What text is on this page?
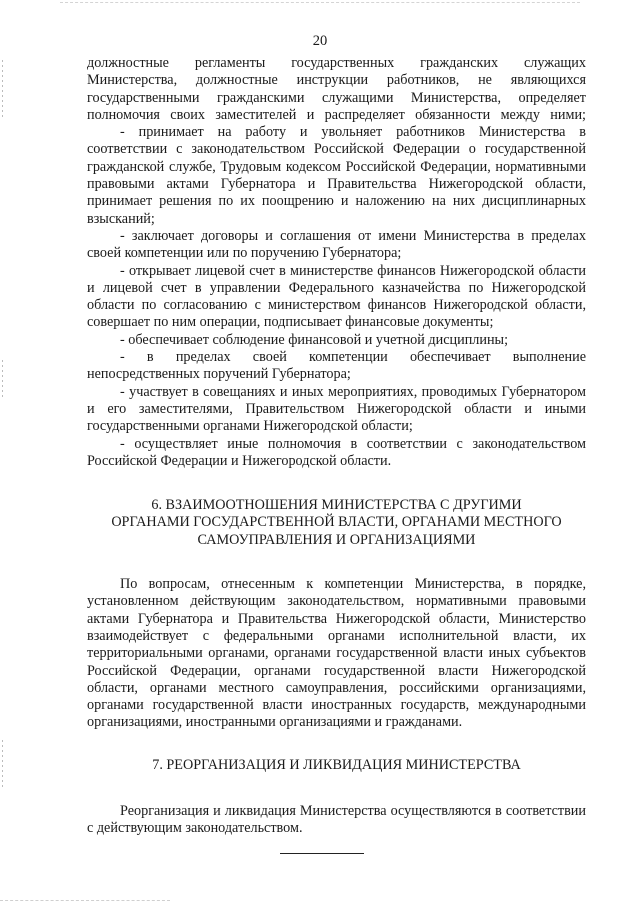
20

должностные регламенты государственных гражданских служащих Министерства, должностные инструкции работников, не являющихся государственными гражданскими служащими Министерства, определяет полномочия своих заместителей и распределяет обязанности между ними;

- принимает на работу и увольняет работников Министерства в соответствии с законодательством Российской Федерации о государственной гражданской службе, Трудовым кодексом Российской Федерации, нормативными правовыми актами Губернатора и Правительства Нижегородской области, принимает решения по их поощрению и наложению на них дисциплинарных взысканий;

- заключает договоры и соглашения от имени Министерства в пределах своей компетенции или по поручению Губернатора;

- открывает лицевой счет в министерстве финансов Нижегородской области и лицевой счет в управлении Федерального казначейства по Нижегородской области по согласованию с министерством финансов Нижегородской области, совершает по ним операции, подписывает финансовые документы;

- обеспечивает соблюдение финансовой и учетной дисциплины;

- в пределах своей компетенции обеспечивает выполнение непосредственных поручений Губернатора;

- участвует в совещаниях и иных мероприятиях, проводимых Губернатором и его заместителями, Правительством Нижегородской области и иными государственными органами Нижегородской области;

- осуществляет иные полномочия в соответствии с законодательством Российской Федерации и Нижегородской области.

6. ВЗАИМООТНОШЕНИЯ МИНИСТЕРСТВА С ДРУГИМИ

ОРГАНАМИ ГОСУДАРСТВЕННОЙ ВЛАСТИ, ОРГАНАМИ МЕСТНОГО

САМОУПРАВЛЕНИЯ И ОРГАНИЗАЦИЯМИ

По вопросам, отнесенным к компетенции Министерства, в порядке, установленном действующим законодательством, нормативными правовыми актами Губернатора и Правительства Нижегородской области, Министерство взаимодействует с федеральными органами исполнительной власти, их территориальными органами, органами государственной власти иных субъектов Российской Федерации, органами государственной власти Нижегородской области, органами местного самоуправления, российскими организациями, органами государственной власти иностранных государств, международными организациями, иностранными организациями и гражданами.

7. РЕОРГАНИЗАЦИЯ И ЛИКВИДАЦИЯ МИНИСТЕРСТВА

Реорганизация и ликвидация Министерства осуществляются в соответствии с действующим законодательством.
